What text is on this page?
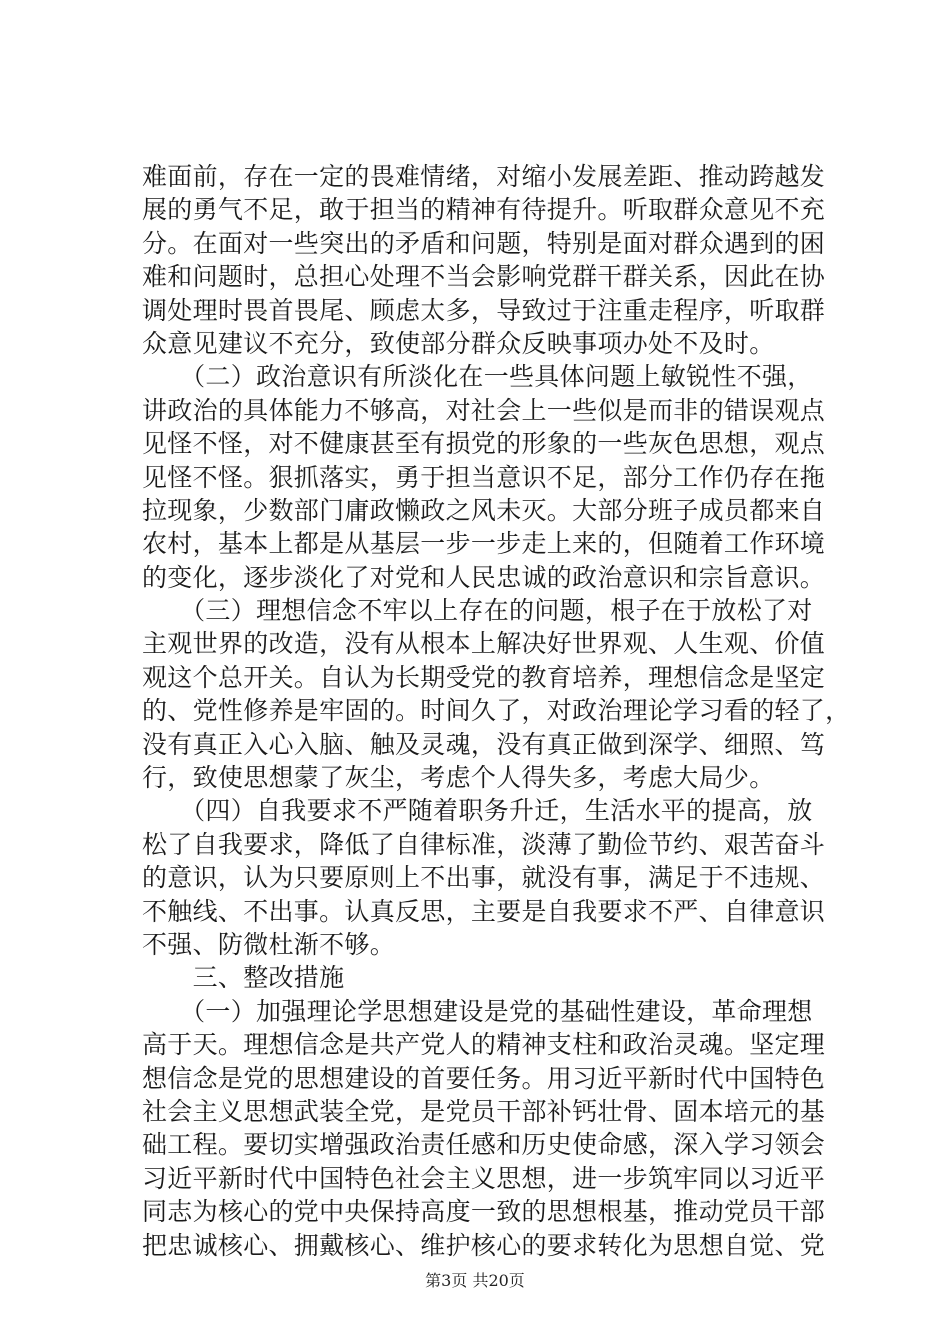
难面前，存在一定的畏难情绪，对缩小发展差距、推动跨越发
展的勇气不足，敢于担当的精神有待提升。听取群众意见不充
分。在面对一些突出的矛盾和问题，特别是面对群众遇到的困
难和问题时，总担心处理不当会影响党群干群关系，因此在协
调处理时畏首畏尾、顾虑太多，导致过于注重走程序，听取群
众意见建议不充分，致使部分群众反映事项办处不及时。
　　（二）政治意识有所淡化在一些具体问题上敏锐性不强，
讲政治的具体能力不够高，对社会上一些似是而非的错误观点
见怪不怪，对不健康甚至有损党的形象的一些灰色思想，观点
见怪不怪。狠抓落实，勇于担当意识不足，部分工作仍存在拖
拉现象，少数部门庸政懒政之风未灭。大部分班子成员都来自
农村，基本上都是从基层一步一步走上来的，但随着工作环境
的变化，逐步淡化了对党和人民忠诚的政治意识和宗旨意识。
　　（三）理想信念不牢以上存在的问题，根子在于放松了对
主观世界的改造，没有从根本上解决好世界观、人生观、价值
观这个总开关。自认为长期受党的教育培养，理想信念是坚定
的、党性修养是牢固的。时间久了，对政治理论学习看的轻了，
没有真正入心入脑、触及灵魂，没有真正做到深学、细照、笃
行，致使思想蒙了灰尘，考虑个人得失多，考虑大局少。
　　（四）自我要求不严随着职务升迁，生活水平的提高，放
松了自我要求，降低了自律标准，淡薄了勤俭节约、艰苦奋斗
的意识，认为只要原则上不出事，就没有事，满足于不违规、
不触线、不出事。认真反思，主要是自我要求不严、自律意识
不强、防微杜渐不够。
　　三、整改措施
　　（一）加强理论学思想建设是党的基础性建设，革命理想
高于天。理想信念是共产党人的精神支柱和政治灵魂。坚定理
想信念是党的思想建设的首要任务。用习近平新时代中国特色
社会主义思想武装全党，是党员干部补钙壮骨、固本培元的基
础工程。要切实增强政治责任感和历史使命感，深入学习领会
习近平新时代中国特色社会主义思想，进一步筑牢同以习近平
同志为核心的党中央保持高度一致的思想根基，推动党员干部
把忠诚核心、拥戴核心、维护核心的要求转化为思想自觉、党
第3页 共20页
